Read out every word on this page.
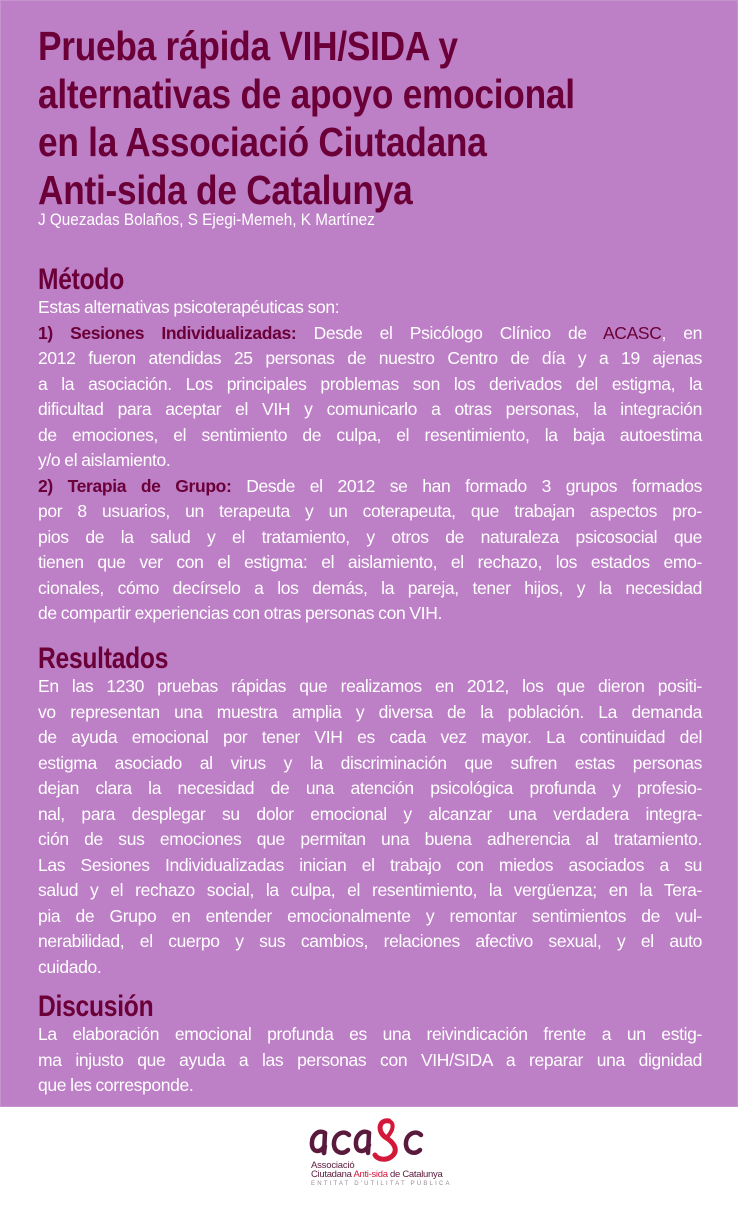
Prueba rápida VIH/SIDA y
alternativas de apoyo emocional
en la Associació Ciutadana
Anti-sida de Catalunya
J Quezadas Bolaños, S Ejegi-Memeh, K Martínez
Método
Estas alternativas psicoterapéuticas son:
1) Sesiones Individualizadas: Desde el Psicólogo Clínico de ACASC, en
2012 fueron atendidas 25 personas de nuestro Centro de día y a 19 ajenas
a la asociación. Los principales problemas son los derivados del estigma, la
dificultad para aceptar el VIH y comunicarlo a otras personas, la integración
de emociones, el sentimiento de culpa, el resentimiento, la baja autoestima
y/o el aislamiento.
2) Terapia de Grupo: Desde el 2012 se han formado 3 grupos formados
por 8 usuarios, un terapeuta y un coterapeuta, que trabajan aspectos pro-
pios de la salud y el tratamiento, y otros de naturaleza psicosocial que
tienen que ver con el estigma: el aislamiento, el rechazo, los estados emo-
cionales, cómo decírselo a los demás, la pareja, tener hijos, y la necesidad
de compartir experiencias con otras personas con VIH.
Resultados
En las 1230 pruebas rápidas que realizamos en 2012, los que dieron positi-
vo representan una muestra amplia y diversa de la población. La demanda
de ayuda emocional por tener VIH es cada vez mayor. La continuidad del
estigma asociado al virus y la discriminación que sufren estas personas
dejan clara la necesidad de una atención psicológica profunda y profesio-
nal, para desplegar su dolor emocional y alcanzar una verdadera integra-
ción de sus emociones que permitan una buena adherencia al tratamiento.
Las Sesiones Individualizadas inician el trabajo con miedos asociados a su
salud y el rechazo social, la culpa, el resentimiento, la vergüenza; en la Tera-
pia de Grupo en entender emocionalmente y remontar sentimientos de vul-
nerabilidad, el cuerpo y sus cambios, relaciones afectivo sexual, y el auto
cuidado.
Discusión
La elaboración emocional profunda es una reivindicación frente a un estig-
ma injusto que ayuda a las personas con VIH/SIDA a reparar una dignidad
que les corresponde.
Associació
Ciutadana Anti-sida de Catalunya
ENTITAT D'UTILITAT PÚBLICA
